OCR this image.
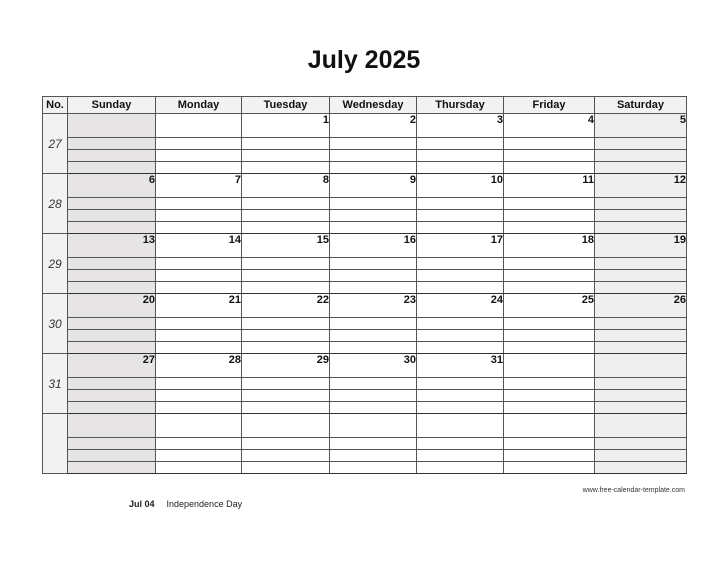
July 2025
No.	Sunday	Monday	Tuesday	Wednesday	Thursday	Friday	Saturday
27			1	2	3	4	5

28	6	7	8	9	10	11	12

29	13	14	15	16	17	18	19

30	20	21	22	23	24	25	26

31	27	28	29	30	31		

www.free-calendar-template.com
Jul 04 Independence Day
